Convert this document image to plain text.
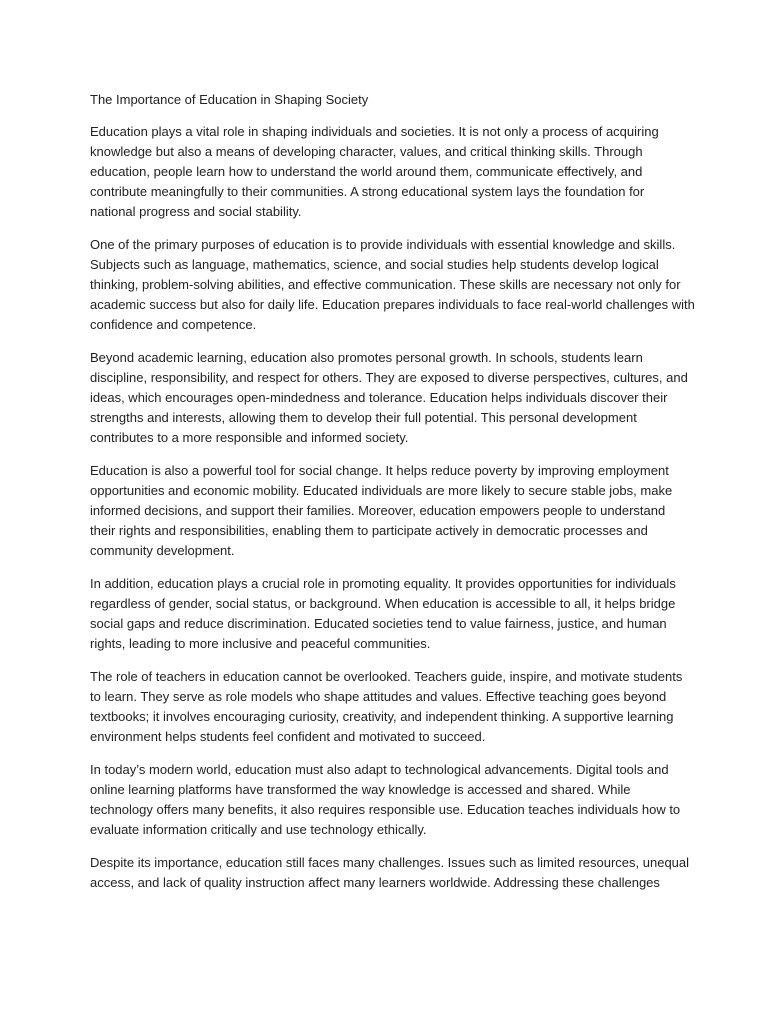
The Importance of Education in Shaping Society

Education plays a vital role in shaping individuals and societies. It is not only a process of acquiring
knowledge but also a means of developing character, values, and critical thinking skills. Through
education, people learn how to understand the world around them, communicate effectively, and
contribute meaningfully to their communities. A strong educational system lays the foundation for
national progress and social stability.

One of the primary purposes of education is to provide individuals with essential knowledge and skills.
Subjects such as language, mathematics, science, and social studies help students develop logical
thinking, problem-solving abilities, and effective communication. These skills are necessary not only for
academic success but also for daily life. Education prepares individuals to face real-world challenges with
confidence and competence.

Beyond academic learning, education also promotes personal growth. In schools, students learn
discipline, responsibility, and respect for others. They are exposed to diverse perspectives, cultures, and
ideas, which encourages open-mindedness and tolerance. Education helps individuals discover their
strengths and interests, allowing them to develop their full potential. This personal development
contributes to a more responsible and informed society.

Education is also a powerful tool for social change. It helps reduce poverty by improving employment
opportunities and economic mobility. Educated individuals are more likely to secure stable jobs, make
informed decisions, and support their families. Moreover, education empowers people to understand
their rights and responsibilities, enabling them to participate actively in democratic processes and
community development.

In addition, education plays a crucial role in promoting equality. It provides opportunities for individuals
regardless of gender, social status, or background. When education is accessible to all, it helps bridge
social gaps and reduce discrimination. Educated societies tend to value fairness, justice, and human
rights, leading to more inclusive and peaceful communities.

The role of teachers in education cannot be overlooked. Teachers guide, inspire, and motivate students
to learn. They serve as role models who shape attitudes and values. Effective teaching goes beyond
textbooks; it involves encouraging curiosity, creativity, and independent thinking. A supportive learning
environment helps students feel confident and motivated to succeed.

In today’s modern world, education must also adapt to technological advancements. Digital tools and
online learning platforms have transformed the way knowledge is accessed and shared. While
technology offers many benefits, it also requires responsible use. Education teaches individuals how to
evaluate information critically and use technology ethically.

Despite its importance, education still faces many challenges. Issues such as limited resources, unequal
access, and lack of quality instruction affect many learners worldwide. Addressing these challenges
